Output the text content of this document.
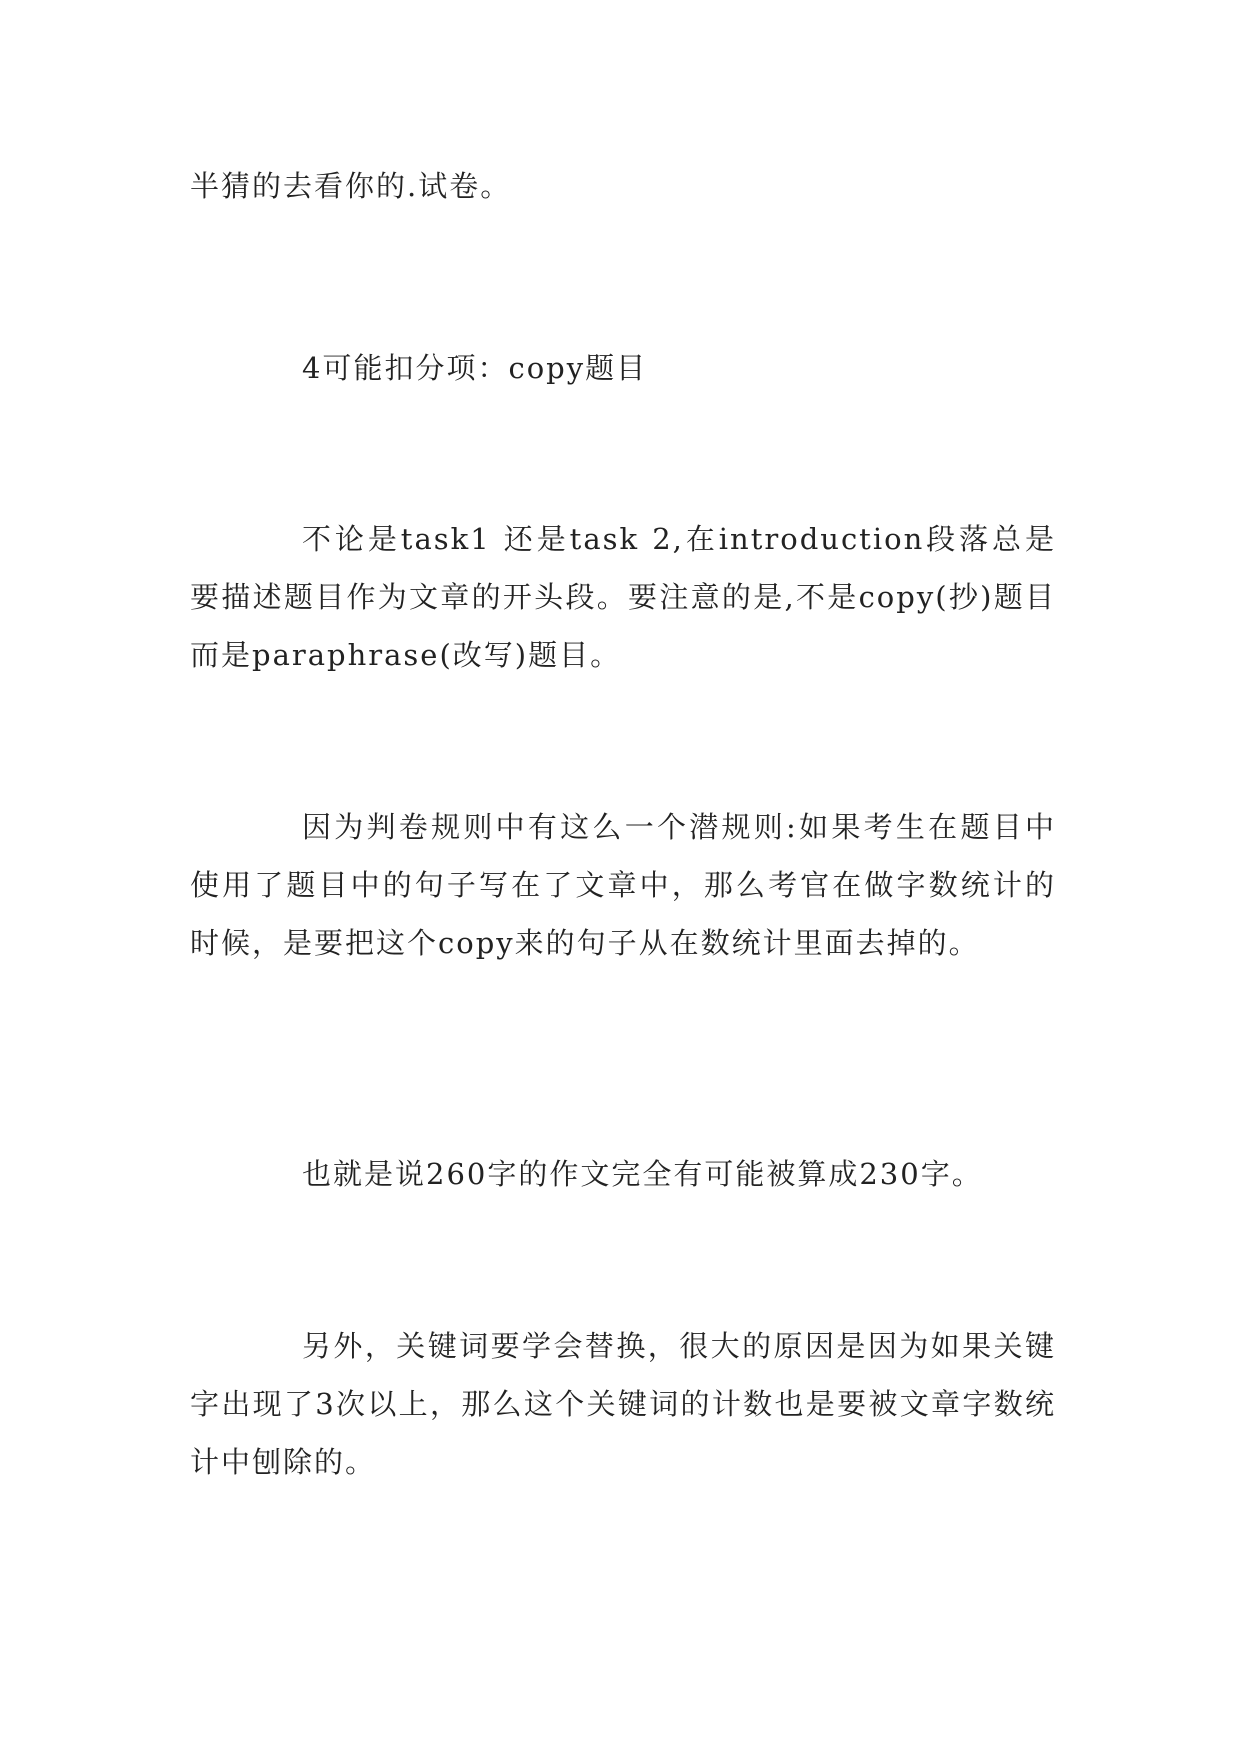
半猜的去看你的.试卷。

4可能扣分项：copy题目

不论是task1 还是task 2,在introduction段落总是要描述题目作为文章的开头段。要注意的是,不是copy(抄)题目而是paraphrase(改写)题目。

因为判卷规则中有这么一个潜规则:如果考生在题目中使用了题目中的句子写在了文章中，那么考官在做字数统计的时候，是要把这个copy来的句子从在数统计里面去掉的。

也就是说260字的作文完全有可能被算成230字。

另外，关键词要学会替换，很大的原因是因为如果关键字出现了3次以上，那么这个关键词的计数也是要被文章字数统计中刨除的。
